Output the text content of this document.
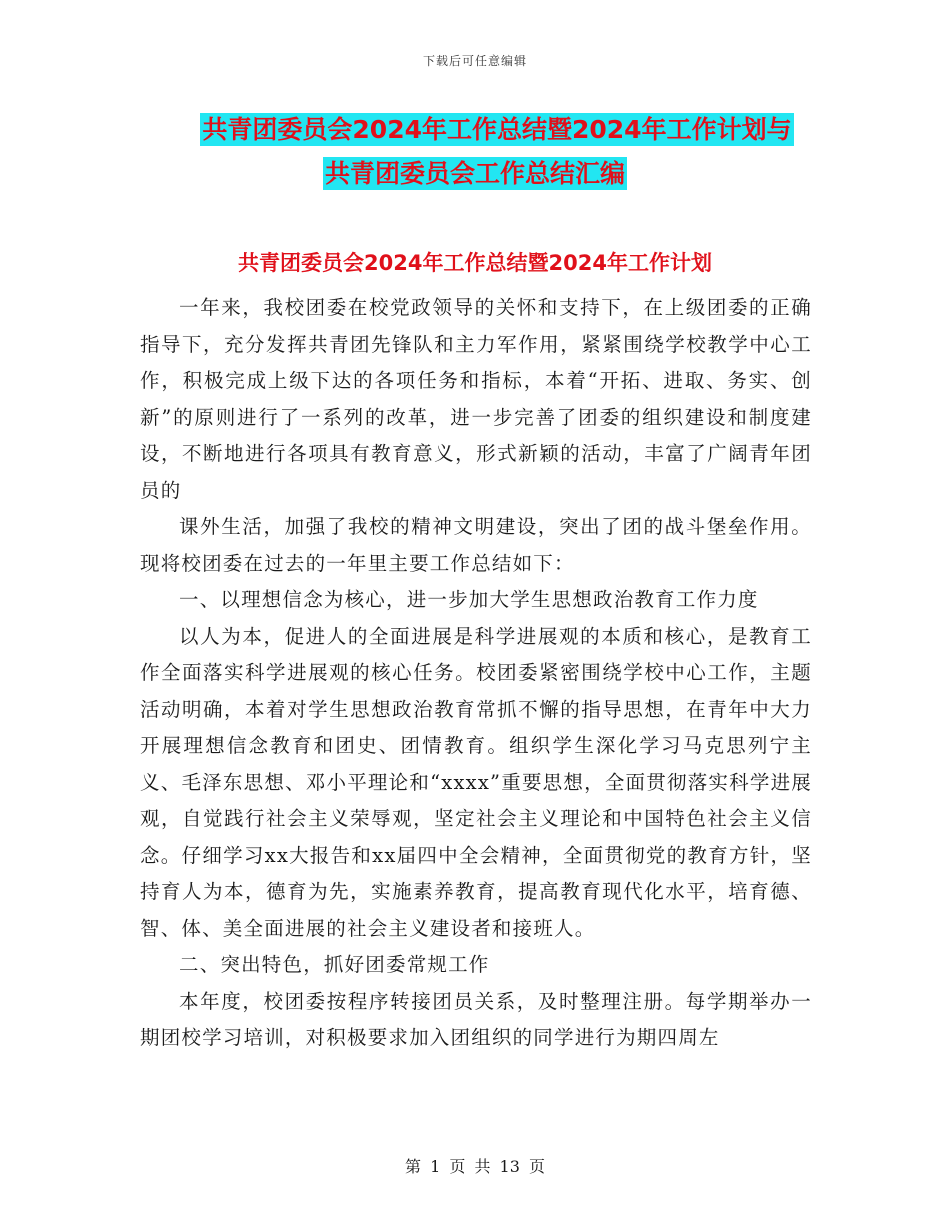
下载后可任意编辑
共青团委员会2024年工作总结暨2024年工作计划与
共青团委员会工作总结汇编
共青团委员会2024年工作总结暨2024年工作计划

一年来，我校团委在校党政领导的关怀和支持下，在上级团委的正确指导下，充分发挥共青团先锋队和主力军作用，紧紧围绕学校教学中心工作，积极完成上级下达的各项任务和指标，本着“开拓、进取、务实、创新”的原则进行了一系列的改革，进一步完善了团委的组织建设和制度建设，不断地进行各项具有教育意义，形式新颖的活动，丰富了广阔青年团员的

课外生活，加强了我校的精神文明建设，突出了团的战斗堡垒作用。现将校团委在过去的一年里主要工作总结如下：

一、以理想信念为核心，进一步加大学生思想政治教育工作力度

以人为本，促进人的全面进展是科学进展观的本质和核心，是教育工作全面落实科学进展观的核心任务。校团委紧密围绕学校中心工作，主题活动明确，本着对学生思想政治教育常抓不懈的指导思想，在青年中大力开展理想信念教育和团史、团情教育。组织学生深化学习马克思列宁主义、毛泽东思想、邓小平理论和“xxxx”重要思想，全面贯彻落实科学进展观，自觉践行社会主义荣辱观，坚定社会主义理论和中国特色社会主义信念。仔细学习xx大报告和xx届四中全会精神，全面贯彻党的教育方针，坚持育人为本，德育为先，实施素养教育，提高教育现代化水平，培育德、智、体、美全面进展的社会主义建设者和接班人。

二、突出特色，抓好团委常规工作

本年度，校团委按程序转接团员关系，及时整理注册。每学期举办一期团校学习培训，对积极要求加入团组织的同学进行为期四周左

第 1 页 共 13 页
